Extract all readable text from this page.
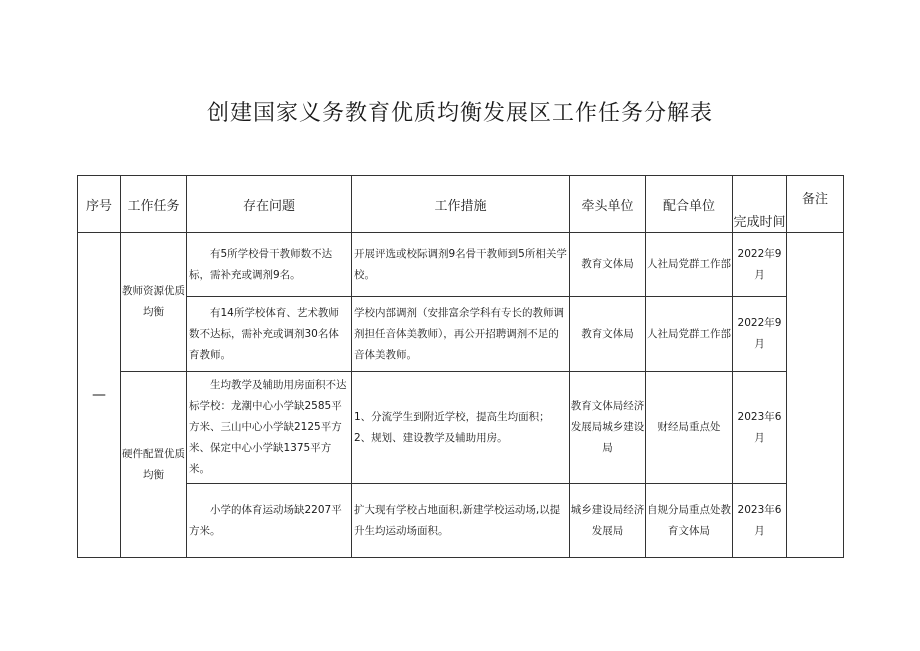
创建国家义务教育优质均衡发展区工作任务分解表
序号	工作任务	存在问题	工作措施	牵头单位	配合单位	完成时间	备注
—	教师资源优质均衡	有5所学校骨干教师数不达标，需补充或调剂9名。	开展评选或校际调剂9名骨干教师到5所相关学校。	教育文体局	人社局党群工作部	2022年9月	
		有14所学校体育、艺术教师数不达标，需补充或调剂30名体育教师。	学校内部调剂（安排富余学科有专长的教师调剂担任音体美教师），再公开招聘调剂不足的音体美教师。	教育文体局	人社局党群工作部	2022年9月	
	硬件配置优质均衡	生均教学及辅助用房面积不达标学校：龙潮中心小学缺2585平方米、三山中心小学缺2125平方米、保定中心小学缺1375平方米。	1、分流学生到附近学校，提高生均面积；
2、规划、建设教学及辅助用房。	教育文体局经济发展局城乡建设局	财经局重点处	2023年6月	
		小学的体育运动场缺2207平方米。	扩大现有学校占地面积,新建学校运动场,以提升生均运动场面积。	城乡建设局经济发展局	自规分局重点处教育文体局	2023年6月	
